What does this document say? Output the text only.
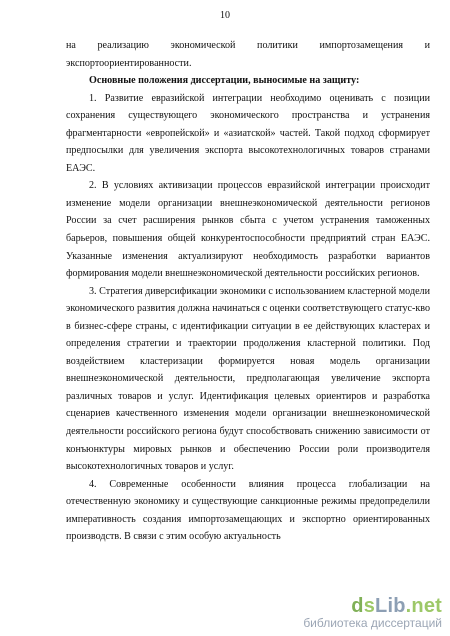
10

на реализацию экономической политики импортозамещения и экспортоориентированности.

Основные положения диссертации, выносимые на защиту:

1. Развитие евразийской интеграции необходимо оценивать с позиции сохранения существующего экономического пространства и устранения фрагментарности «европейской» и «азиатской» частей. Такой подход сформирует предпосылки для увеличения экспорта высокотехнологичных товаров странами ЕАЭС.

2. В условиях активизации процессов евразийской интеграции происходит изменение модели организации внешнеэкономической деятельности регионов России за счет расширения рынков сбыта с учетом устранения таможенных барьеров, повышения общей конкурентоспособности предприятий стран ЕАЭС. Указанные изменения актуализируют необходимость разработки вариантов формирования модели внешнеэкономической деятельности российских регионов.

3. Стратегия диверсификации экономики с использованием кластерной модели экономического развития должна начинаться с оценки соответствующего статус-кво в бизнес-сфере страны, с идентификации ситуации в ее действующих кластерах и определения стратегии и траектории продолжения кластерной политики. Под воздействием кластеризации формируется новая модель организации внешнеэкономической деятельности, предполагающая увеличение экспорта различных товаров и услуг. Идентификация целевых ориентиров и разработка сценариев качественного изменения модели организации внешнеэкономической деятельности российского региона будут способствовать снижению зависимости от конъюнктуры мировых рынков и обеспечению России роли производителя высокотехнологичных товаров и услуг.

4. Современные особенности влияния процесса глобализации на отечественную экономику и существующие санкционные режимы предопределили императивность создания импортозамещающих и экспортно ориентированных производств. В связи с этим особую актуальность

dsLib.net
библиотека диссертаций
